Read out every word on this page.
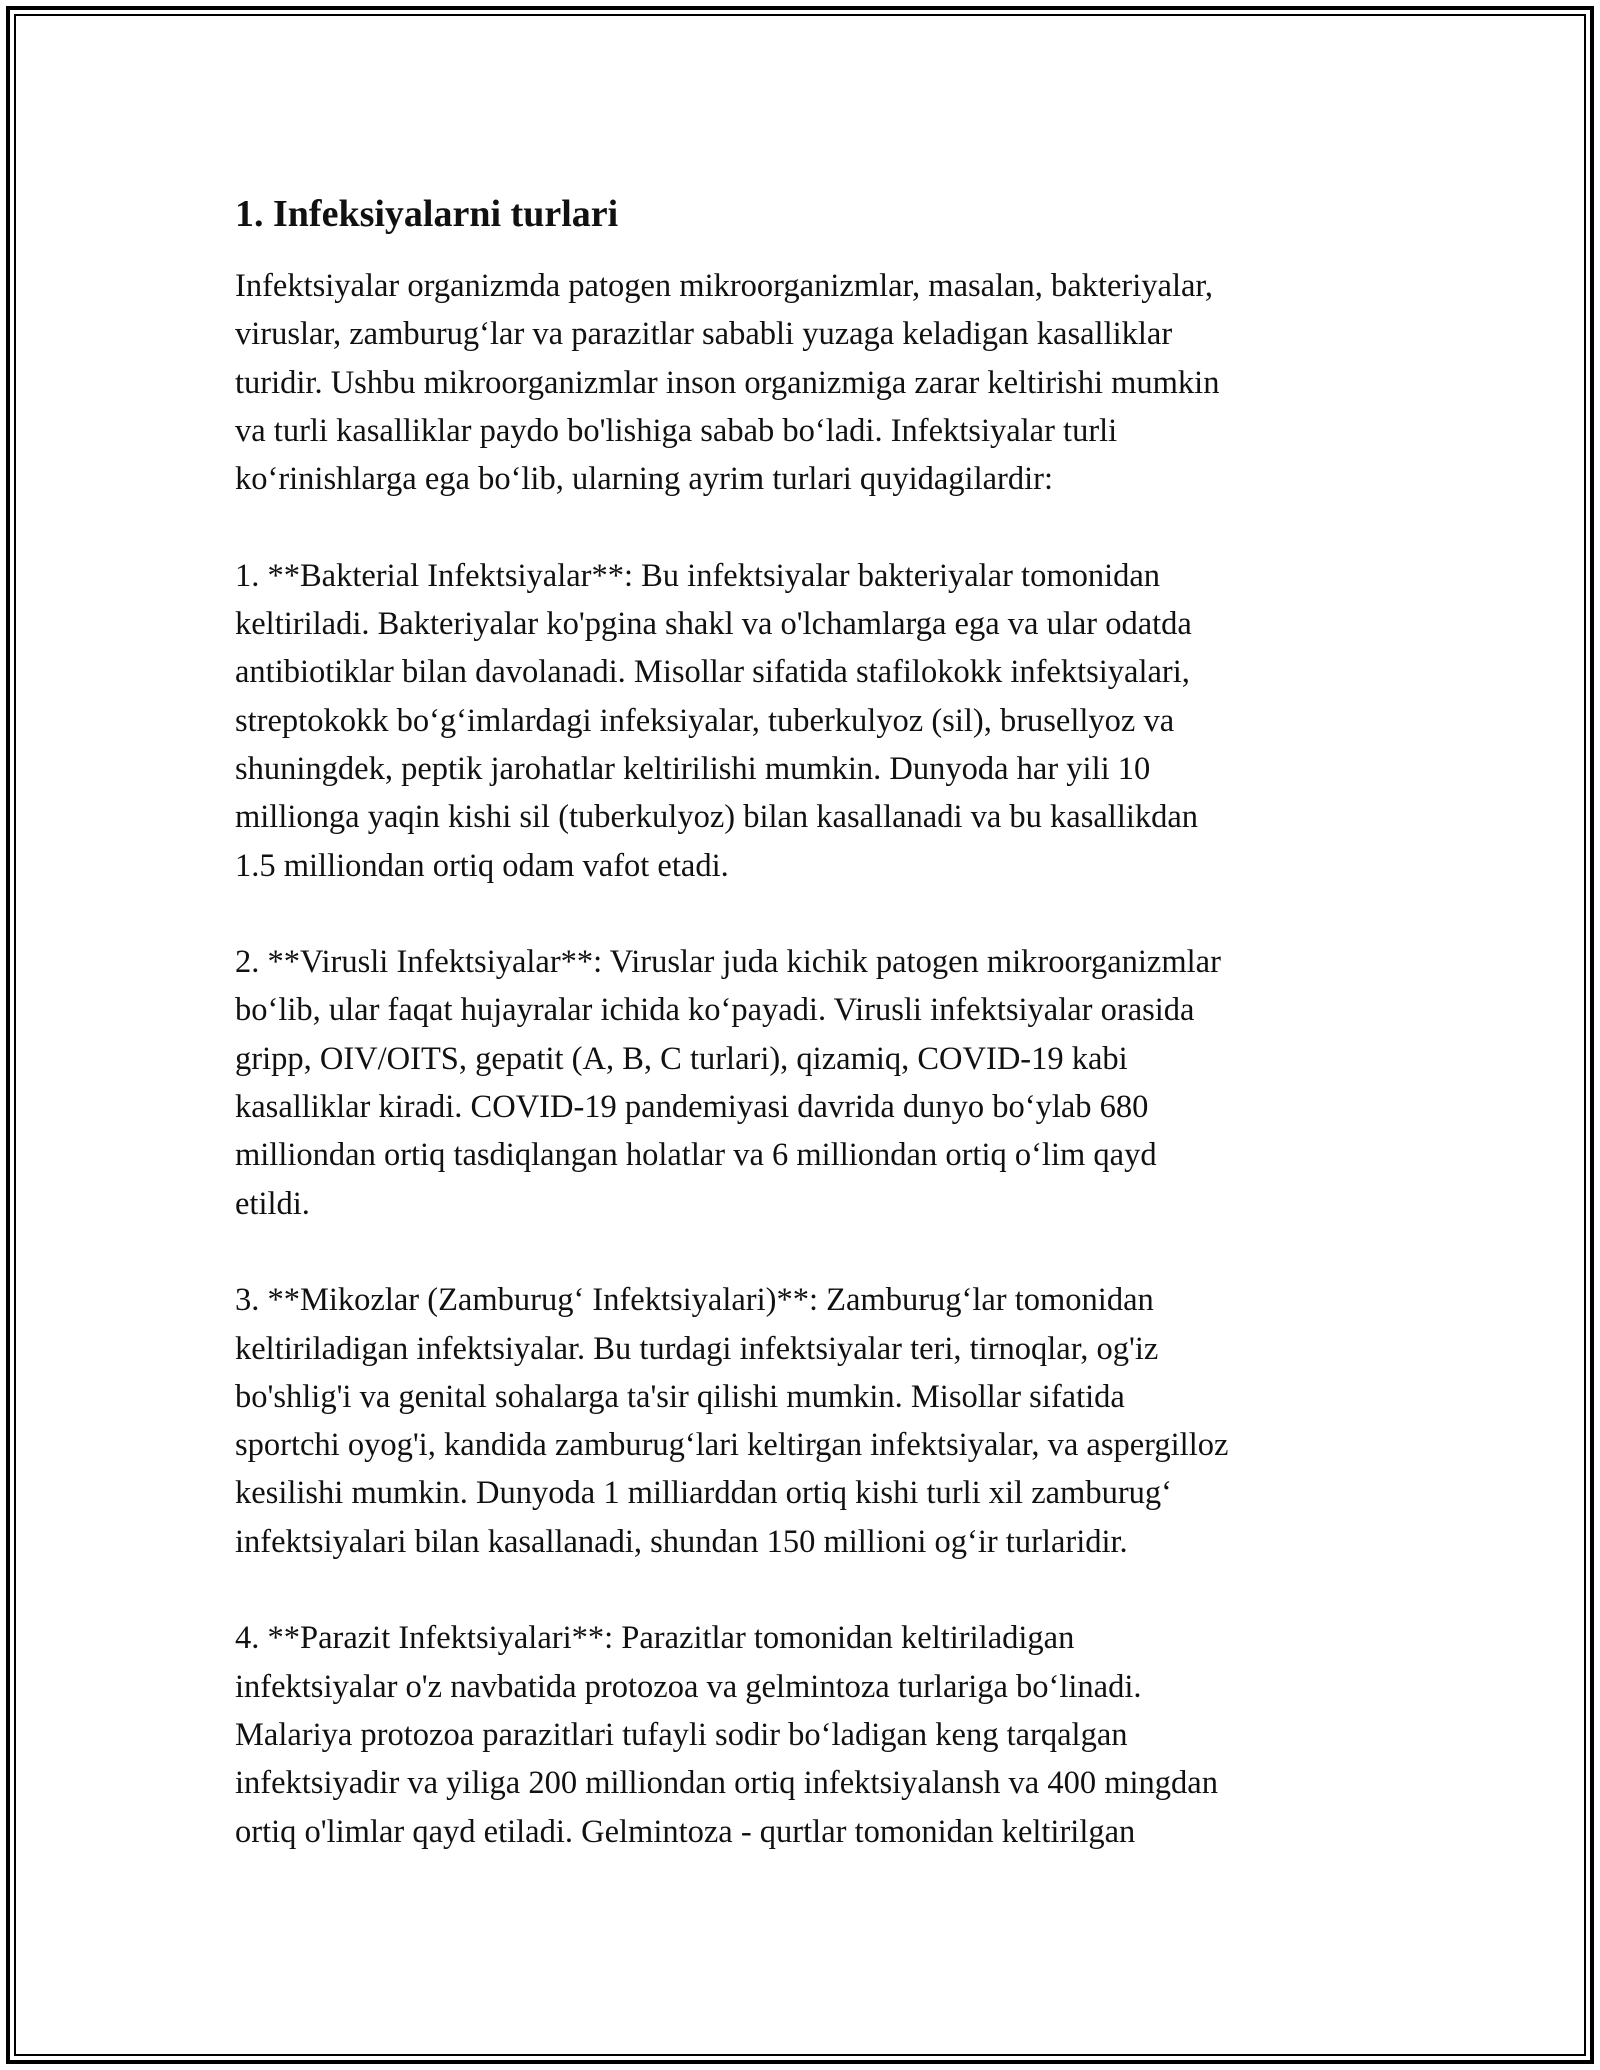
1. Infeksiyalarni turlari

Infektsiyalar organizmda patogen mikroorganizmlar, masalan, bakteriyalar,
viruslar, zamburug‘lar va parazitlar sababli yuzaga keladigan kasalliklar
turidir. Ushbu mikroorganizmlar inson organizmiga zarar keltirishi mumkin
va turli kasalliklar paydo bo'lishiga sabab bo‘ladi. Infektsiyalar turli
ko‘rinishlarga ega bo‘lib, ularning ayrim turlari quyidagilardir:

1. **Bakterial Infektsiyalar**: Bu infektsiyalar bakteriyalar tomonidan
keltiriladi. Bakteriyalar ko'pgina shakl va o'lchamlarga ega va ular odatda
antibiotiklar bilan davolanadi. Misollar sifatida stafilokokk infektsiyalari,
streptokokk bo‘g‘imlardagi infeksiyalar, tuberkulyoz (sil), brusellyoz va
shuningdek, peptik jarohatlar keltirilishi mumkin. Dunyoda har yili 10
millionga yaqin kishi sil (tuberkulyoz) bilan kasallanadi va bu kasallikdan
1.5 milliondan ortiq odam vafot etadi.

2. **Virusli Infektsiyalar**: Viruslar juda kichik patogen mikroorganizmlar
bo‘lib, ular faqat hujayralar ichida ko‘payadi. Virusli infektsiyalar orasida
gripp, OIV/OITS, gepatit (A, B, C turlari), qizamiq, COVID-19 kabi
kasalliklar kiradi. COVID-19 pandemiyasi davrida dunyo bo‘ylab 680
milliondan ortiq tasdiqlangan holatlar va 6 milliondan ortiq o‘lim qayd
etildi.

3. **Mikozlar (Zamburug‘ Infektsiyalari)**: Zamburug‘lar tomonidan
keltiriladigan infektsiyalar. Bu turdagi infektsiyalar teri, tirnoqlar, og'iz
bo'shlig'i va genital sohalarga ta'sir qilishi mumkin. Misollar sifatida
sportchi oyog'i, kandida zamburug‘lari keltirgan infektsiyalar, va aspergilloz
kesilishi mumkin. Dunyoda 1 milliarddan ortiq kishi turli xil zamburug‘
infektsiyalari bilan kasallanadi, shundan 150 millioni og‘ir turlaridir.

4. **Parazit Infektsiyalari**: Parazitlar tomonidan keltiriladigan
infektsiyalar o'z navbatida protozoa va gelmintoza turlariga bo‘linadi.
Malariya protozoa parazitlari tufayli sodir bo‘ladigan keng tarqalgan
infektsiyadir va yiliga 200 milliondan ortiq infektsiyalansh va 400 mingdan
ortiq o'limlar qayd etiladi. Gelmintoza - qurtlar tomonidan keltirilgan
